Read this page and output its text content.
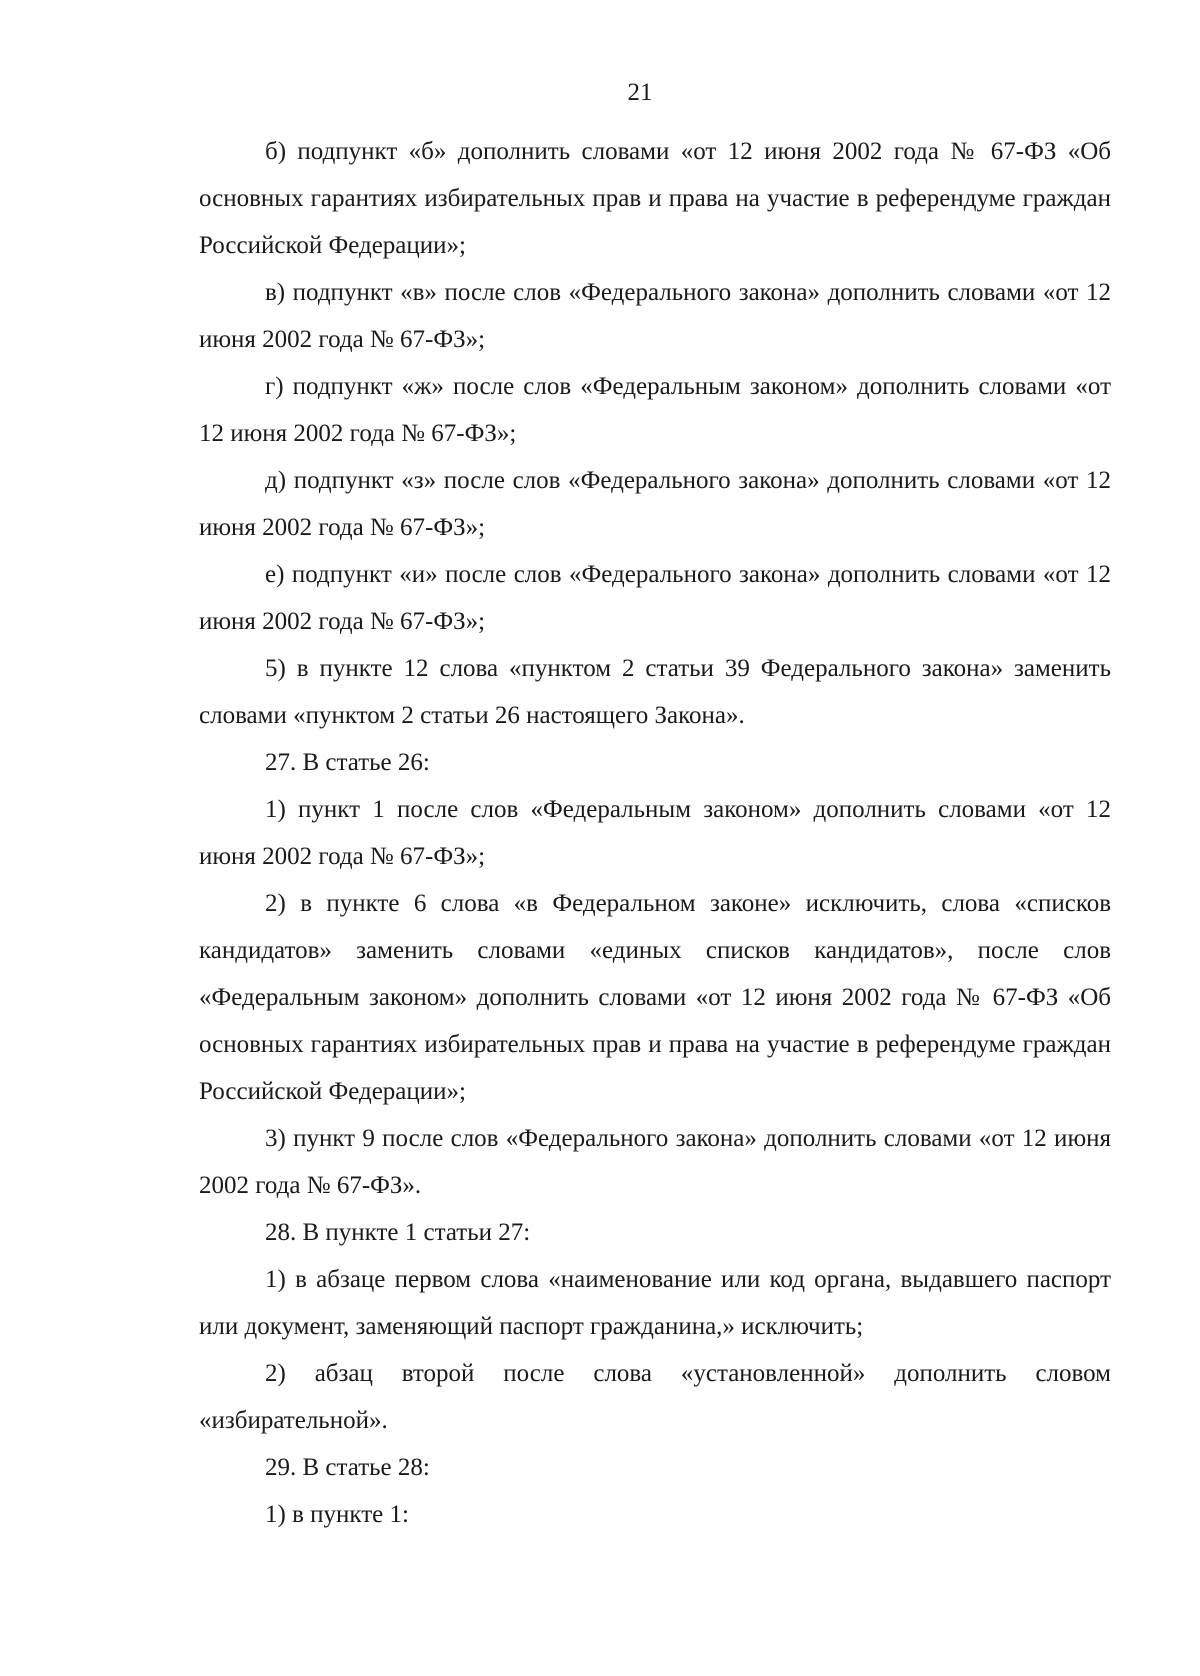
21

б) подпункт «б» дополнить словами «от 12 июня 2002 года № 67-ФЗ «Об основных гарантиях избирательных прав и права на участие в референдуме граждан Российской Федерации»;

в) подпункт «в» после слов «Федерального закона» дополнить словами «от 12 июня 2002 года № 67-ФЗ»;

г) подпункт «ж» после слов «Федеральным законом» дополнить словами «от 12 июня 2002 года № 67-ФЗ»;

д) подпункт «з» после слов «Федерального закона» дополнить словами «от 12 июня 2002 года № 67-ФЗ»;

е) подпункт «и» после слов «Федерального закона» дополнить словами «от 12 июня 2002 года № 67-ФЗ»;

5) в пункте 12 слова «пунктом 2 статьи 39 Федерального закона» заменить словами «пунктом 2 статьи 26 настоящего Закона».

27. В статье 26:

1) пункт 1 после слов «Федеральным законом» дополнить словами «от 12 июня 2002 года № 67-ФЗ»;

2) в пункте 6 слова «в Федеральном законе» исключить, слова «списков кандидатов» заменить словами «единых списков кандидатов», после слов «Федеральным законом» дополнить словами «от 12 июня 2002 года № 67-ФЗ «Об основных гарантиях избирательных прав и права на участие в референдуме граждан Российской Федерации»;

3) пункт 9 после слов «Федерального закона» дополнить словами «от 12 июня 2002 года № 67-ФЗ».

28. В пункте 1 статьи 27:

1) в абзаце первом слова «наименование или код органа, выдавшего паспорт или документ, заменяющий паспорт гражданина,» исключить;

2) абзац второй после слова «установленной» дополнить словом «избирательной».

29. В статье 28:

1) в пункте 1:
